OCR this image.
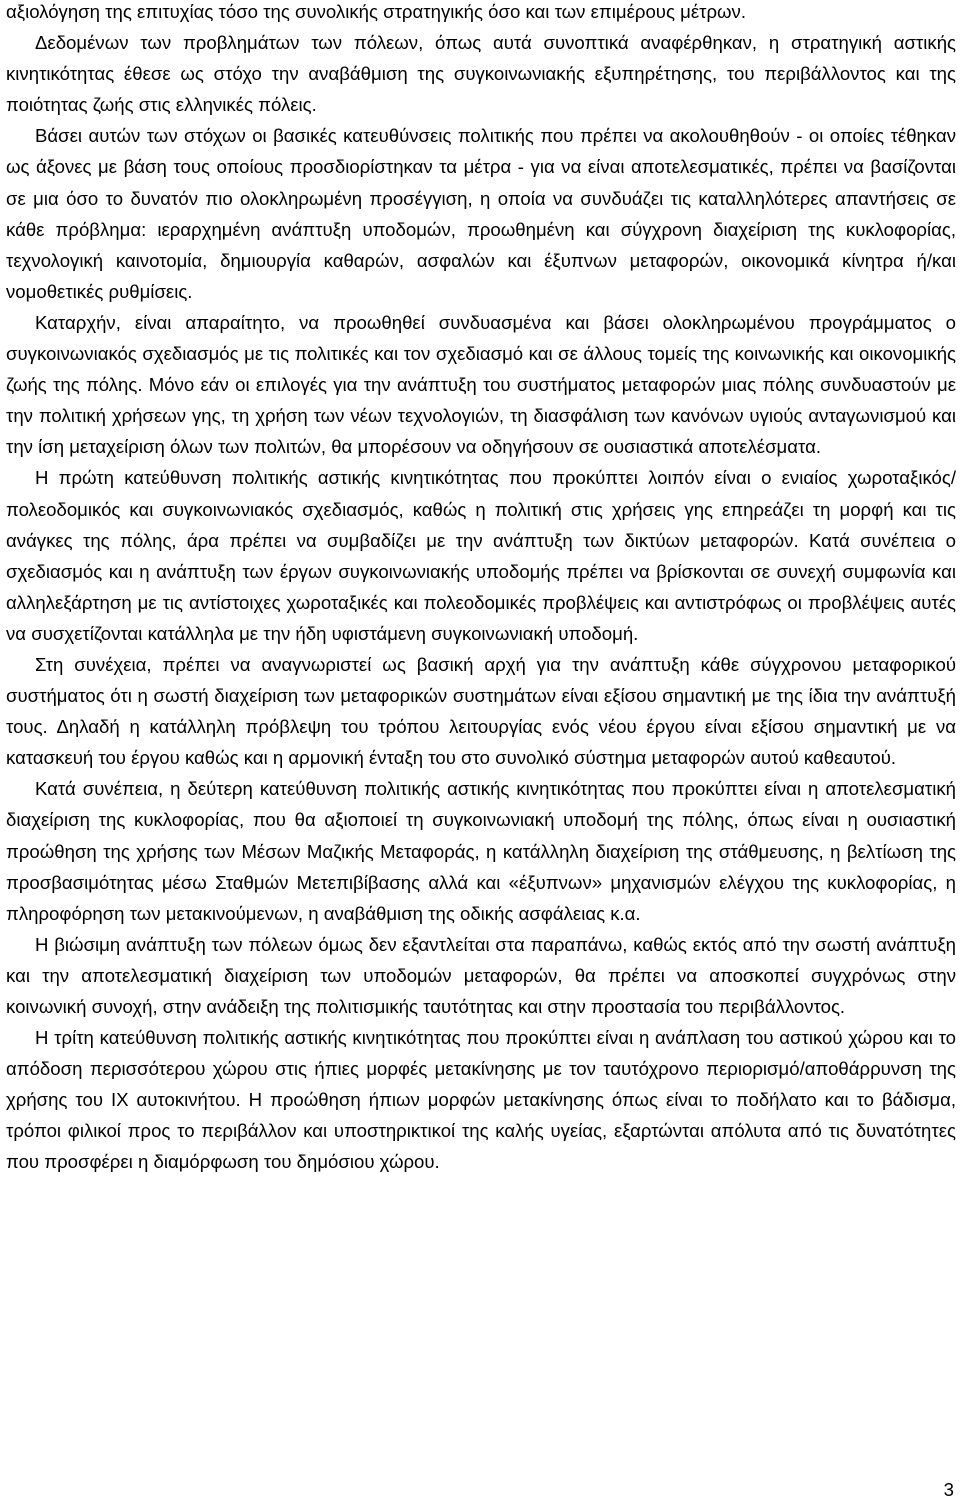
αξιολόγηση της επιτυχίας τόσο της συνολικής στρατηγικής όσο και των επιμέρους μέτρων.

Δεδομένων των προβλημάτων των πόλεων, όπως αυτά συνοπτικά αναφέρθηκαν, η στρατηγική αστικής κινητικότητας έθεσε ως στόχο την αναβάθμιση της συγκοινωνιακής εξυπηρέτησης, του περιβάλλοντος και της ποιότητας ζωής στις ελληνικές πόλεις.

Βάσει αυτών των στόχων οι βασικές κατευθύνσεις πολιτικής που πρέπει να ακολουθηθούν - οι οποίες τέθηκαν ως άξονες με βάση τους οποίους προσδιορίστηκαν τα μέτρα - για να είναι αποτελεσματικές, πρέπει να βασίζονται σε μια όσο το δυνατόν πιο ολοκληρωμένη προσέγγιση, η οποία να συνδυάζει τις καταλληλότερες απαντήσεις σε κάθε πρόβλημα: ιεραρχημένη ανάπτυξη υποδομών, προωθημένη και σύγχρονη διαχείριση της κυκλοφορίας, τεχνολογική καινοτομία, δημιουργία καθαρών, ασφαλών και έξυπνων μεταφορών, οικονομικά κίνητρα ή/και νομοθετικές ρυθμίσεις.

Καταρχήν, είναι απαραίτητο, να προωθηθεί συνδυασμένα και βάσει ολοκληρωμένου προγράμματος ο συγκοινωνιακός σχεδιασμός με τις πολιτικές και τον σχεδιασμό και σε άλλους τομείς της κοινωνικής και οικονομικής ζωής της πόλης. Μόνο εάν οι επιλογές για την ανάπτυξη του συστήματος μεταφορών μιας πόλης συνδυαστούν με την πολιτική χρήσεων γης, τη χρήση των νέων τεχνολογιών, τη διασφάλιση των κανόνων υγιούς ανταγωνισμού και την ίση μεταχείριση όλων των πολιτών, θα μπορέσουν να οδηγήσουν σε ουσιαστικά αποτελέσματα.

Η πρώτη κατεύθυνση πολιτικής αστικής κινητικότητας που προκύπτει λοιπόν είναι ο ενιαίος χωροταξικός/πολεοδομικός και συγκοινωνιακός σχεδιασμός, καθώς η πολιτική στις χρήσεις γης επηρεάζει τη μορφή και τις ανάγκες της πόλης, άρα πρέπει να συμβαδίζει με την ανάπτυξη των δικτύων μεταφορών. Κατά συνέπεια ο σχεδιασμός και η ανάπτυξη των έργων συγκοινωνιακής υποδομής πρέπει να βρίσκονται σε συνεχή συμφωνία και αλληλεξάρτηση με τις αντίστοιχες χωροταξικές και πολεοδομικές προβλέψεις και αντιστρόφως οι προβλέψεις αυτές να συσχετίζονται κατάλληλα με την ήδη υφιστάμενη συγκοινωνιακή υποδομή.

Στη συνέχεια, πρέπει να αναγνωριστεί ως βασική αρχή για την ανάπτυξη κάθε σύγχρονου μεταφορικού συστήματος ότι η σωστή διαχείριση των μεταφορικών συστημάτων είναι εξίσου σημαντική με της ίδια την ανάπτυξή τους. Δηλαδή η κατάλληλη πρόβλεψη του τρόπου λειτουργίας ενός νέου έργου είναι εξίσου σημαντική με να κατασκευή του έργου καθώς και η αρμονική ένταξη του στο συνολικό σύστημα μεταφορών αυτού καθεαυτού.

Κατά συνέπεια, η δεύτερη κατεύθυνση πολιτικής αστικής κινητικότητας που προκύπτει είναι η αποτελεσματική διαχείριση της κυκλοφορίας, που θα αξιοποιεί τη συγκοινωνιακή υποδομή της πόλης, όπως είναι η ουσιαστική προώθηση της χρήσης των Μέσων Μαζικής Μεταφοράς, η κατάλληλη διαχείριση της στάθμευσης, η βελτίωση της προσβασιμότητας μέσω Σταθμών Μετεπιβίβασης αλλά και «έξυπνων» μηχανισμών ελέγχου της κυκλοφορίας, η πληροφόρηση των μετακινούμενων, η αναβάθμιση της οδικής ασφάλειας κ.α.

Η βιώσιμη ανάπτυξη των πόλεων όμως δεν εξαντλείται στα παραπάνω, καθώς εκτός από την σωστή ανάπτυξη και την αποτελεσματική διαχείριση των υποδομών μεταφορών, θα πρέπει να αποσκοπεί συγχρόνως στην κοινωνική συνοχή, στην ανάδειξη της πολιτισμικής ταυτότητας και στην προστασία του περιβάλλοντος.

Η τρίτη κατεύθυνση πολιτικής αστικής κινητικότητας που προκύπτει είναι η ανάπλαση του αστικού χώρου και το απόδοση περισσότερου χώρου στις ήπιες μορφές μετακίνησης με τον ταυτόχρονο περιορισμό/αποθάρρυνση της χρήσης του ΙΧ αυτοκινήτου. Η προώθηση ήπιων μορφών μετακίνησης όπως είναι το ποδήλατο και το βάδισμα, τρόποι φιλικοί προς το περιβάλλον και υποστηρικτικοί της καλής υγείας, εξαρτώνται απόλυτα από τις δυνατότητες που προσφέρει η διαμόρφωση του δημόσιου χώρου.

3
